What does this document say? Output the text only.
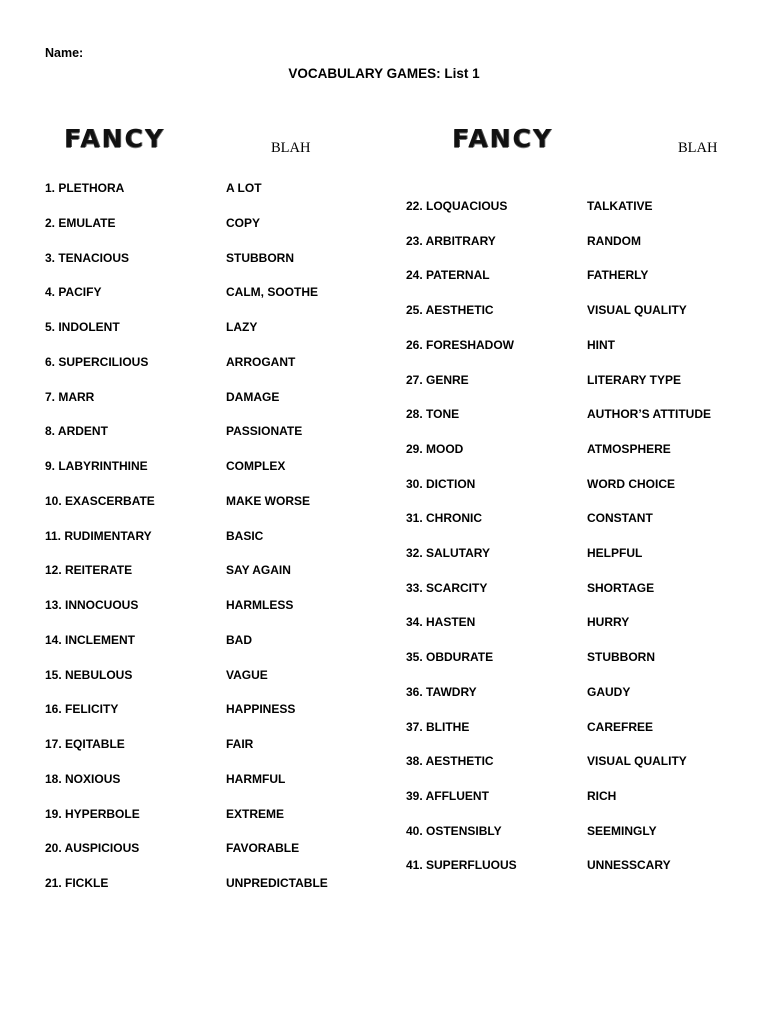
Name:
VOCABULARY GAMES: List 1
FANCY	BLAH	FANCY	BLAH
1. PLETHORA	A LOT
2. EMULATE	COPY
3. TENACIOUS	STUBBORN
4. PACIFY	CALM, SOOTHE
5. INDOLENT	LAZY
6. SUPERCILIOUS	ARROGANT
7. MARR	DAMAGE
8. ARDENT	PASSIONATE
9. LABYRINTHINE	COMPLEX
10. EXASCERBATE	MAKE WORSE
11. RUDIMENTARY	BASIC
12. REITERATE	SAY AGAIN
13. INNOCUOUS	HARMLESS
14. INCLEMENT	BAD
15. NEBULOUS	VAGUE
16. FELICITY	HAPPINESS
17. EQITABLE	FAIR
18. NOXIOUS	HARMFUL
19. HYPERBOLE	EXTREME
20. AUSPICIOUS	FAVORABLE
21. FICKLE	UNPREDICTABLE
22. LOQUACIOUS	TALKATIVE
23. ARBITRARY	RANDOM
24. PATERNAL	FATHERLY
25. AESTHETIC	VISUAL QUALITY
26. FORESHADOW	HINT
27. GENRE	LITERARY TYPE
28. TONE	AUTHOR’S ATTITUDE
29. MOOD	ATMOSPHERE
30. DICTION	WORD CHOICE
31. CHRONIC	CONSTANT
32. SALUTARY	HELPFUL
33. SCARCITY	SHORTAGE
34. HASTEN	HURRY
35. OBDURATE	STUBBORN
36. TAWDRY	GAUDY
37. BLITHE	CAREFREE
38. AESTHETIC	VISUAL QUALITY
39. AFFLUENT	RICH
40. OSTENSIBLY	SEEMINGLY
41. SUPERFLUOUS	UNNESSCARY
